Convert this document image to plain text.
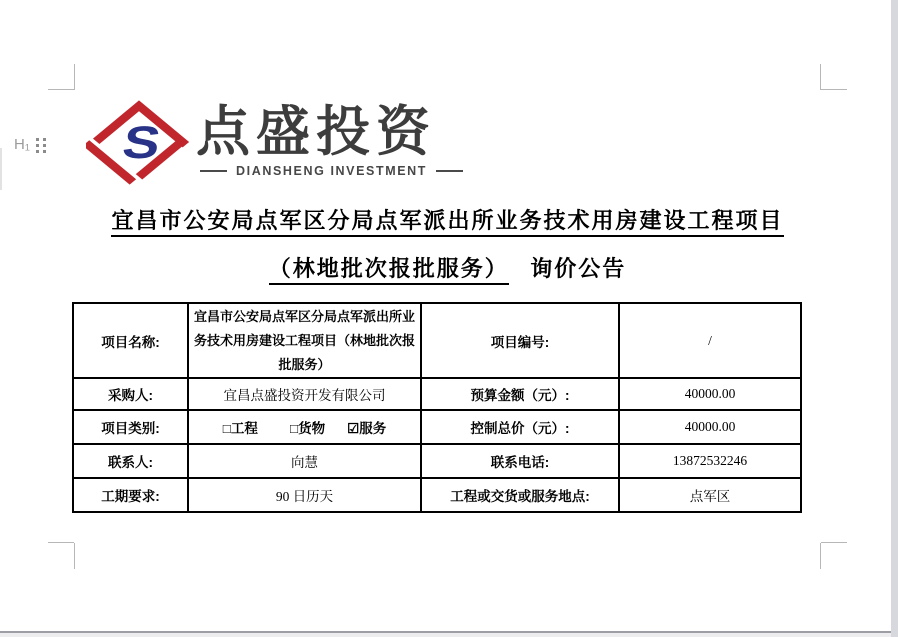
H₁ S 点盛投资
DIANSHENG INVESTMENT
宜昌市公安局点军区分局点军派出所业务技术用房建设工程项目
（林地批次报批服务） 询价公告
项目名称:	宜昌市公安局点军区分局点军派出所业务技术用房建设工程项目（林地批次报批服务）	项目编号:	/
采购人:	宜昌点盛投资开发有限公司	预算金额（元）:	40000.00
项目类别:	□工程 □货物 ☑服务	控制总价（元）:	40000.00
联系人:	向慧	联系电话:	13872532246
工期要求:	90 日历天	工程或交货或服务地点:	点军区
